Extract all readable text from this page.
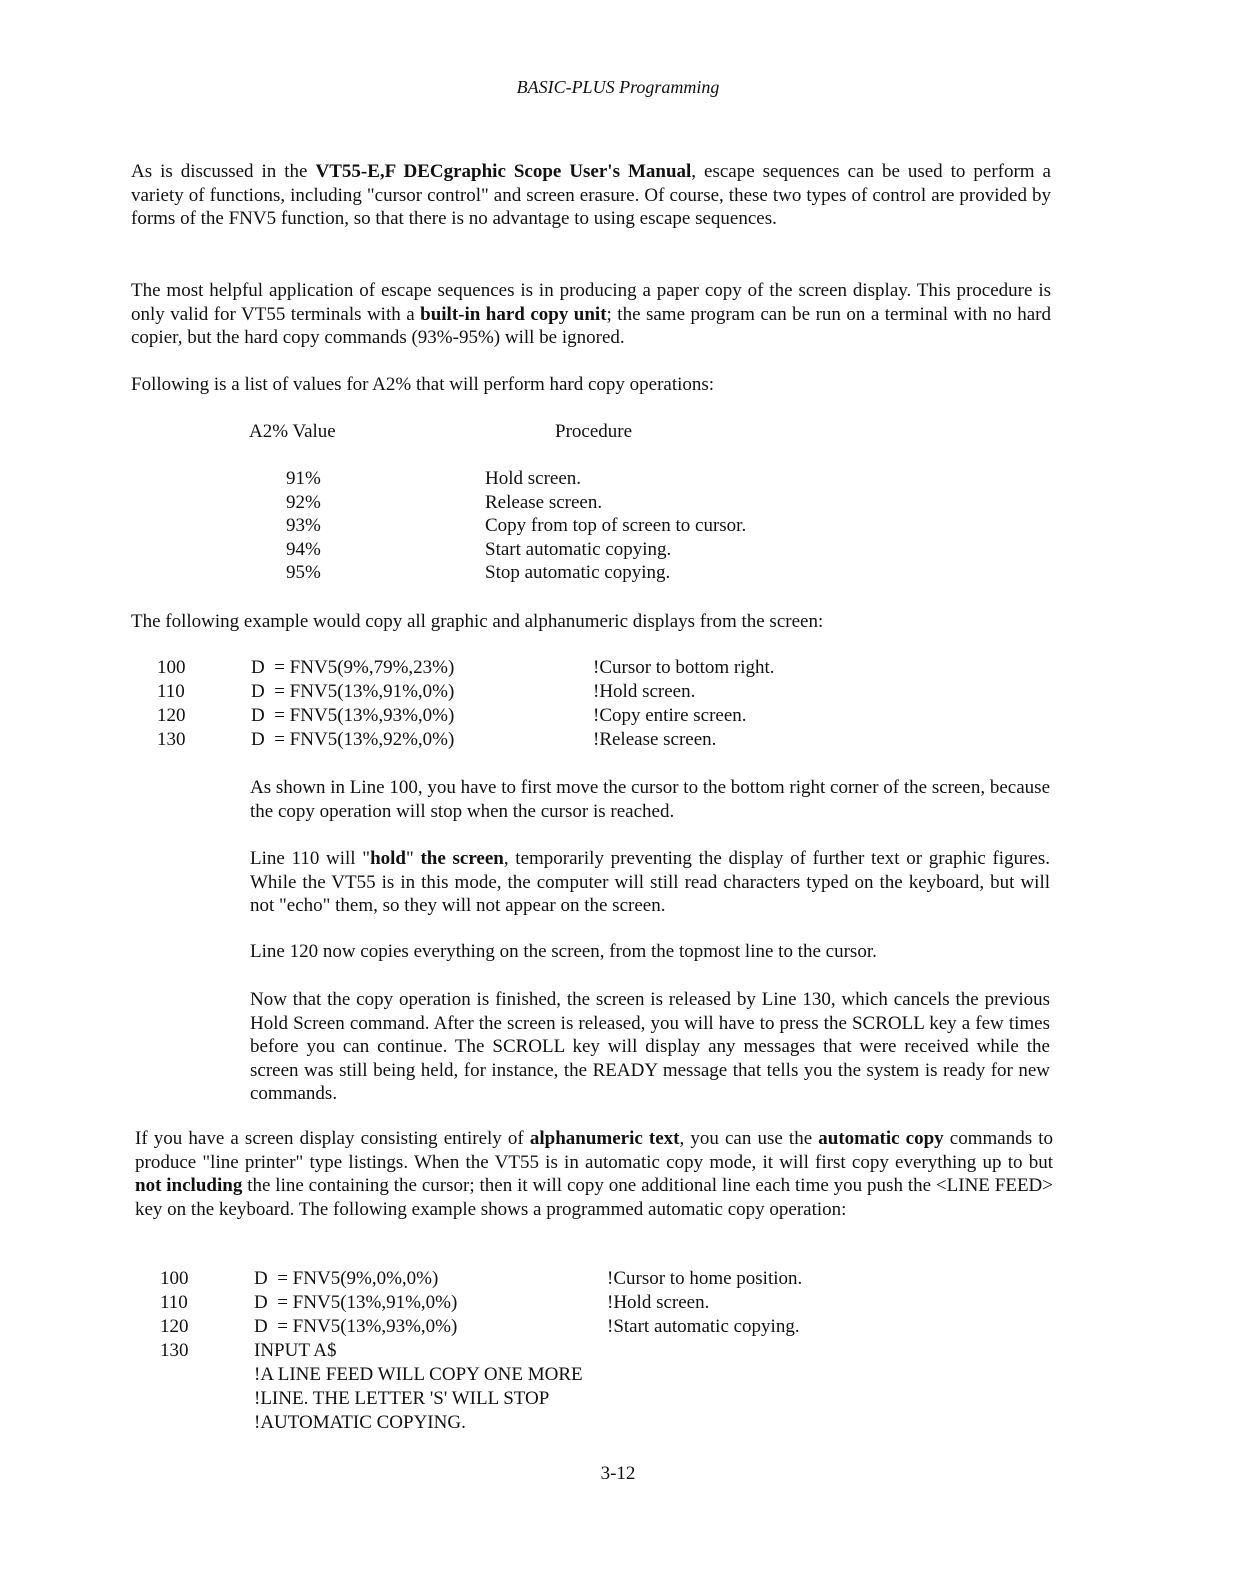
BASIC-PLUS Programming

As is discussed in the VT55-E,F DECgraphic Scope User's Manual, escape sequences can be used to perform a variety of functions, including "cursor control" and screen erasure. Of course, these two types of control are provided by forms of the FNV5 function, so that there is no advantage to using escape sequences.

The most helpful application of escape sequences is in producing a paper copy of the screen display. This procedure is only valid for VT55 terminals with a built-in hard copy unit; the same program can be run on a terminal with no hard copier, but the hard copy commands (93%-95%) will be ignored.

Following is a list of values for A2% that will perform hard copy operations:

A2% Value	Procedure
91%	Hold screen.
92%	Release screen.
93%	Copy from top of screen to cursor.
94%	Start automatic copying.
95%	Stop automatic copying.

The following example would copy all graphic and alphanumeric displays from the screen:

100	D  = FNV5(9%,79%,23%)	!Cursor to bottom right.
110	D  = FNV5(13%,91%,0%)	!Hold screen.
120	D  = FNV5(13%,93%,0%)	!Copy entire screen.
130	D  = FNV5(13%,92%,0%)	!Release screen.

As shown in Line 100, you have to first move the cursor to the bottom right corner of the screen, because the copy operation will stop when the cursor is reached.

Line 110 will "hold" the screen, temporarily preventing the display of further text or graphic figures. While the VT55 is in this mode, the computer will still read characters typed on the keyboard, but will not "echo" them, so they will not appear on the screen.

Line 120 now copies everything on the screen, from the topmost line to the cursor.

Now that the copy operation is finished, the screen is released by Line 130, which cancels the previous Hold Screen command. After the screen is released, you will have to press the SCROLL key a few times before you can continue. The SCROLL key will display any messages that were received while the screen was still being held, for instance, the READY message that tells you the system is ready for new commands.

If you have a screen display consisting entirely of alphanumeric text, you can use the automatic copy commands to produce "line printer" type listings. When the VT55 is in automatic copy mode, it will first copy everything up to but not including the line containing the cursor; then it will copy one additional line each time you push the <LINE FEED> key on the keyboard. The following example shows a programmed automatic copy operation:

100	D  = FNV5(9%,0%,0%)	!Cursor to home position.
110	D  = FNV5(13%,91%,0%)	!Hold screen.
120	D  = FNV5(13%,93%,0%)	!Start automatic copying.
130	INPUT A$
!A LINE FEED WILL COPY ONE MORE
!LINE. THE LETTER 'S' WILL STOP
!AUTOMATIC COPYING.
3-12
